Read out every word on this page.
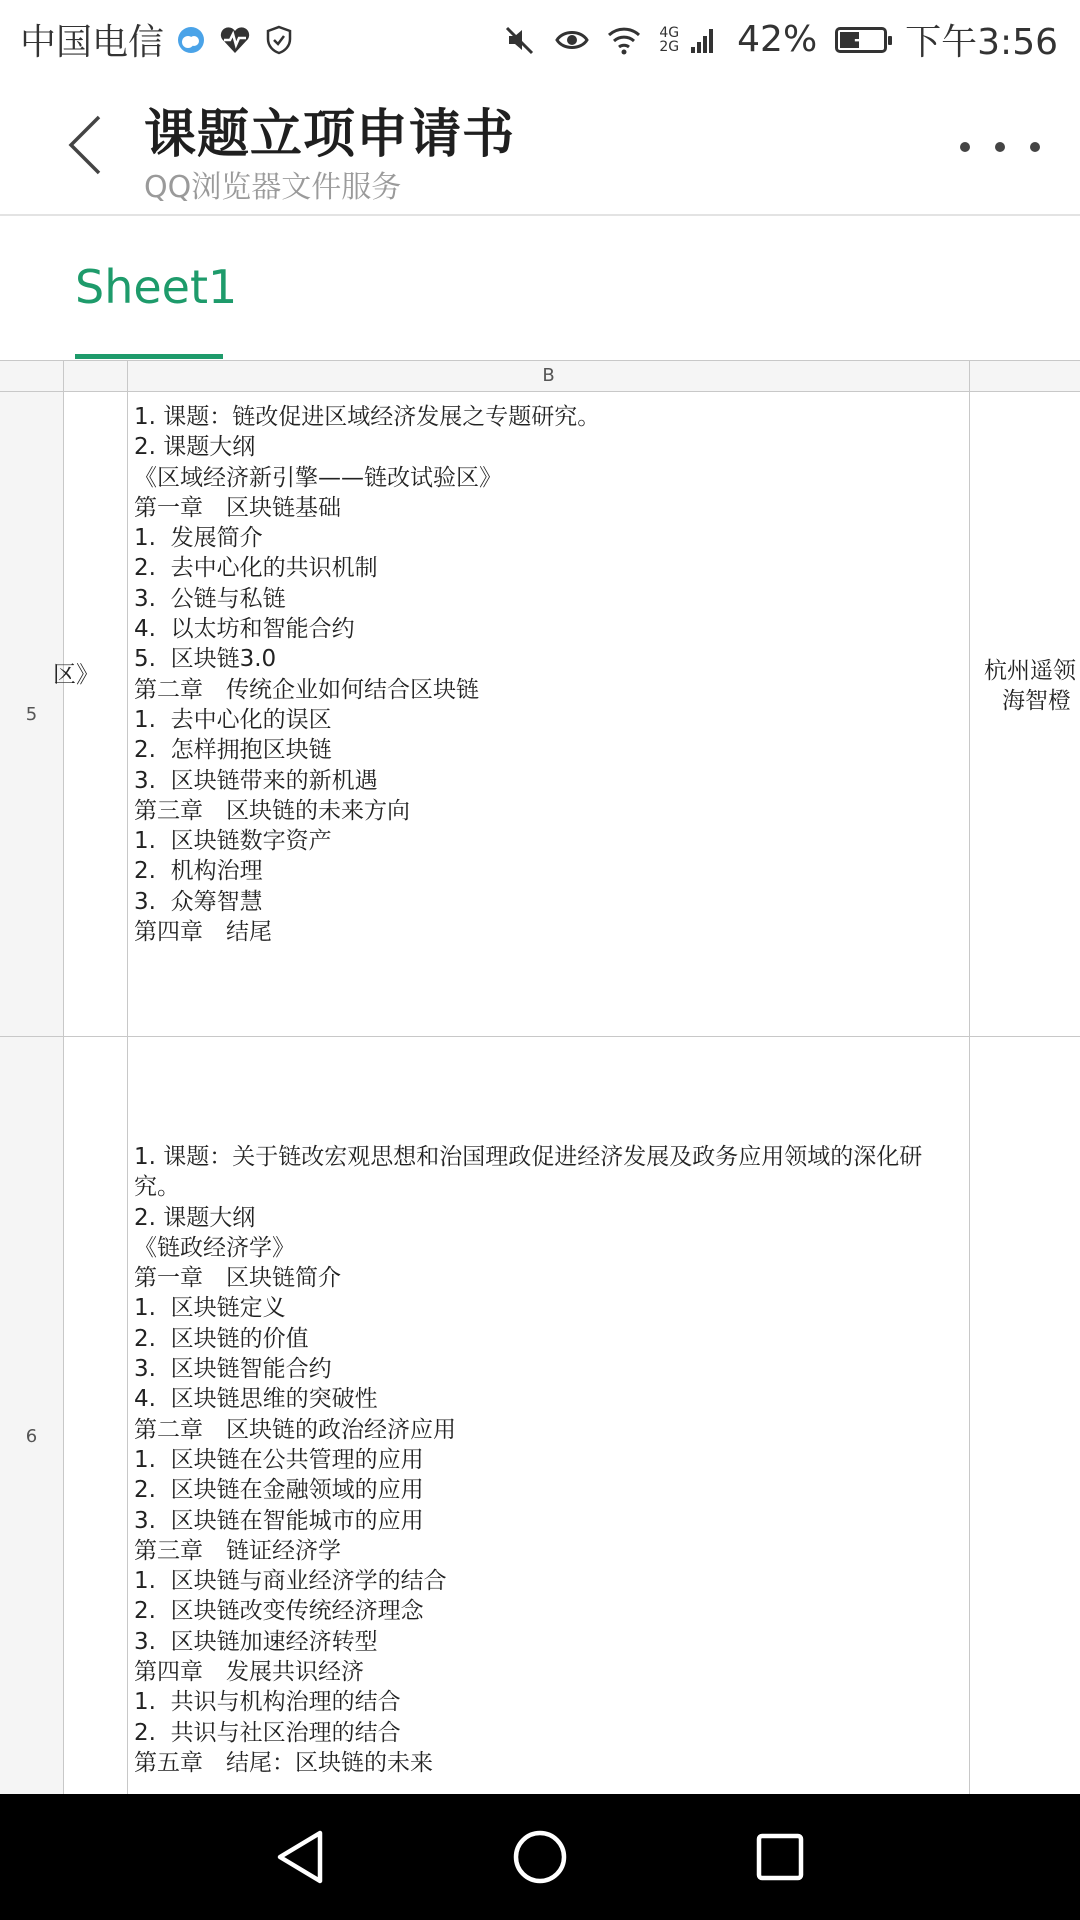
中国电信	4G
2G 42% + 下午3:56
课题立项申请书
QQ浏览器文件服务
Sheet1
B
5
区》
1. 课题：链改促进区域经济发展之专题研究。
2. 课题大纲
《区域经济新引擎——链改试验区》
第一章　区块链基础
1.  发展简介
2.  去中心化的共识机制
3.  公链与私链
4.  以太坊和智能合约
5.  区块链3.0
第二章　传统企业如何结合区块链
1.  去中心化的误区
2.  怎样拥抱区块链
3.  区块链带来的新机遇
第三章　区块链的未来方向
1.  区块链数字资产
2.  机构治理
3.  众筹智慧
第四章　结尾
杭州遥领
海智橙
6
1. 课题：关于链改宏观思想和治国理政促进经济发展及政务应用领域的深化研究。
2. 课题大纲
《链政经济学》
第一章　区块链简介
1.  区块链定义
2.  区块链的价值
3.  区块链智能合约
4.  区块链思维的突破性
第二章　区块链的政治经济应用
1.  区块链在公共管理的应用
2.  区块链在金融领域的应用
3.  区块链在智能城市的应用
第三章　链证经济学
1.  区块链与商业经济学的结合
2.  区块链改变传统经济理念
3.  区块链加速经济转型
第四章　发展共识经济
1.  共识与机构治理的结合
2.  共识与社区治理的结合
第五章　结尾：区块链的未来
